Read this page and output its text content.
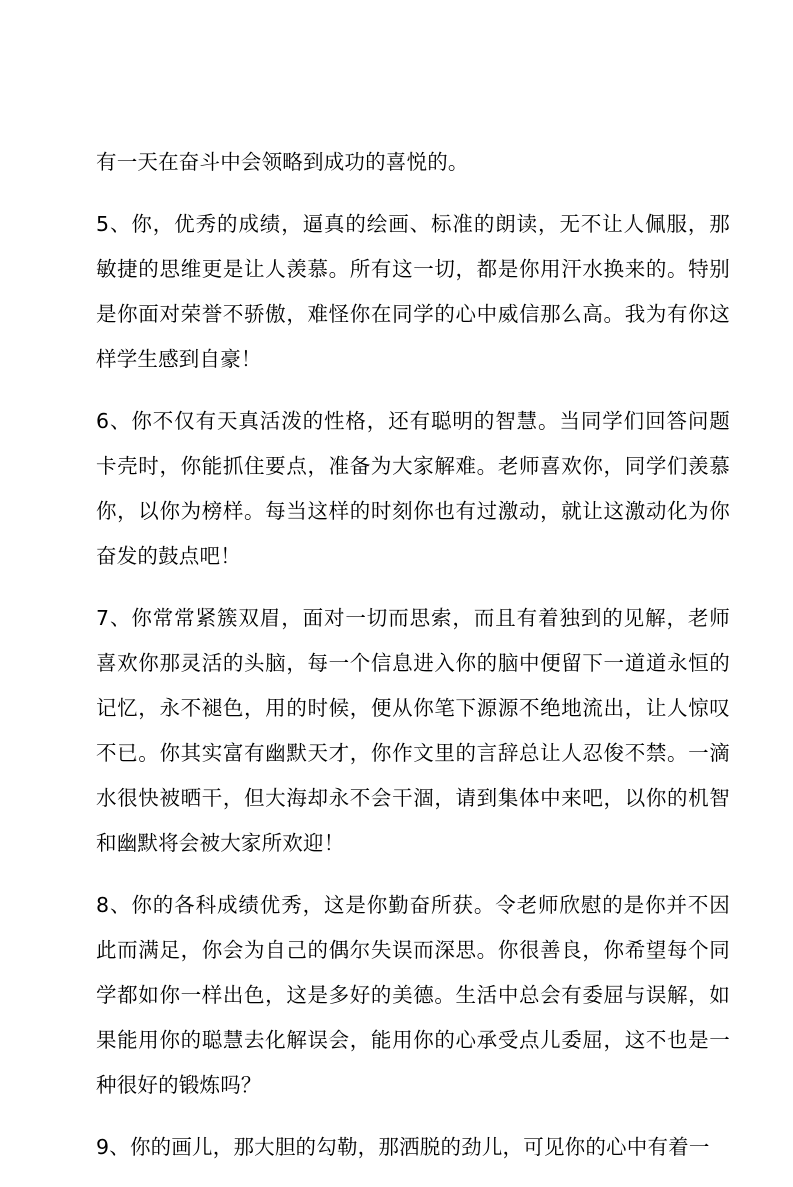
有一天在奋斗中会领略到成功的喜悦的。

5、你，优秀的成绩，逼真的绘画、标准的朗读，无不让人佩服，那敏捷的思维更是让人羡慕。所有这一切，都是你用汗水换来的。特别是你面对荣誉不骄傲，难怪你在同学的心中威信那么高。我为有你这样学生感到自豪！

6、你不仅有天真活泼的性格，还有聪明的智慧。当同学们回答问题卡壳时，你能抓住要点，准备为大家解难。老师喜欢你，同学们羡慕你，以你为榜样。每当这样的时刻你也有过激动，就让这激动化为你奋发的鼓点吧！

7、你常常紧簇双眉，面对一切而思索，而且有着独到的见解，老师喜欢你那灵活的头脑，每一个信息进入你的脑中便留下一道道永恒的记忆，永不褪色，用的时候，便从你笔下源源不绝地流出，让人惊叹不已。你其实富有幽默天才，你作文里的言辞总让人忍俊不禁。一滴水很快被晒干，但大海却永不会干涸，请到集体中来吧，以你的机智和幽默将会被大家所欢迎！

8、你的各科成绩优秀，这是你勤奋所获。令老师欣慰的是你并不因此而满足，你会为自己的偶尔失误而深思。你很善良，你希望每个同学都如你一样出色，这是多好的美德。生活中总会有委屈与误解，如果能用你的聪慧去化解误会，能用你的心承受点儿委屈，这不也是一种很好的锻炼吗？

9、你的画儿，那大胆的勾勒，那洒脱的劲儿，可见你的心中有着一
